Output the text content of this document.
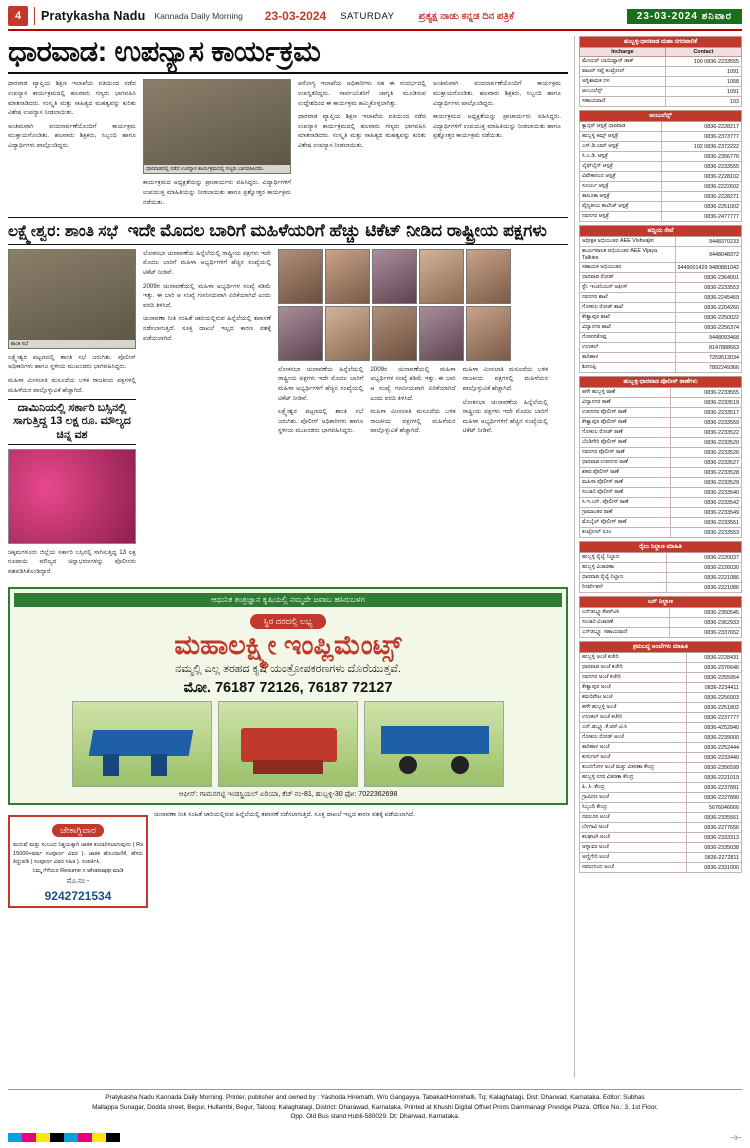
4	Pratykasha Nadu Kannada Daily Morning 23-03-2024 SATURDAY ಪ್ರತ್ಯಕ್ಷ ನಾಡು ಕನ್ನಡ ದಿನ ಪತ್ರಿಕೆ	23-03-2024 ಶನಿವಾರ
ಧಾರವಾಡ: ಉಪನ್ಯಾಸ ಕಾರ್ಯಕ್ರಮ

ಧಾರವಾಡ ವ್ಯಾಪ್ತಿಯ ಶಿಕ್ಷಣ ಇಲಾಖೆಯ ವತಿಯಿಂದ ನಡೆದ ಉಪನ್ಯಾಸ ಕಾರ್ಯಕ್ರಮದಲ್ಲಿ ಹಲವಾರು ಗಣ್ಯರು ಭಾಗವಹಿಸಿ ಮಾತನಾಡಿದರು. ಸಂಸ್ಕೃತಿ ಮತ್ತು ಸಾಹಿತ್ಯದ ಮಹತ್ವವನ್ನು ಕುರಿತು ವಿಶೇಷ ಉಪನ್ಯಾಸ ನೀಡಲಾಯಿತು.

ಅಂತಿಮವಾಗಿ ವಂದನಾರ್ಪಣೆಯೊಂದಿಗೆ ಕಾರ್ಯಕ್ರಮ ಮುಕ್ತಾಯಗೊಂಡಿತು. ಹಲವಾರು ಶಿಕ್ಷಕರು, ಸಿಬ್ಬಂದಿ ಹಾಗೂ ವಿದ್ಯಾರ್ಥಿಗಳು ಪಾಲ್ಗೊಂಡಿದ್ದರು.

ಧಾರವಾಡದಲ್ಲಿ ನಡೆದ ಉಪನ್ಯಾಸ ಕಾರ್ಯಕ್ರಮದಲ್ಲಿ ಗಣ್ಯರು ಭಾಗವಹಿಸಿದರು.

ಕಾರ್ಯಕ್ರಮದ ಅಧ್ಯಕ್ಷತೆಯನ್ನು ಪ್ರಾಚಾರ್ಯರು ವಹಿಸಿದ್ದರು. ವಿದ್ಯಾರ್ಥಿಗಳಿಗೆ ಉಪಯುಕ್ತ ಮಾಹಿತಿಯನ್ನು ನೀಡಲಾಯಿತು ಹಾಗೂ ಪ್ರಶ್ನೋತ್ತರ ಕಾರ್ಯಕ್ರಮ ನಡೆಯಿತು.

ಆರೋಗ್ಯ ಇಲಾಖೆಯ ಅಧಿಕಾರಿಗಳು ಸಹ ಈ ಸಂದರ್ಭದಲ್ಲಿ ಉಪಸ್ಥಿತರಿದ್ದರು. ಸಾರ್ವಜನಿಕರಿಗೆ ಜಾಗೃತಿ ಮೂಡಿಸುವ ಉದ್ದೇಶದಿಂದ ಈ ಕಾರ್ಯಕ್ರಮ ಹಮ್ಮಿಕೊಳ್ಳಲಾಗಿತ್ತು.

ಧಾರವಾಡ ವ್ಯಾಪ್ತಿಯ ಶಿಕ್ಷಣ ಇಲಾಖೆಯ ವತಿಯಿಂದ ನಡೆದ ಉಪನ್ಯಾಸ ಕಾರ್ಯಕ್ರಮದಲ್ಲಿ ಹಲವಾರು ಗಣ್ಯರು ಭಾಗವಹಿಸಿ ಮಾತನಾಡಿದರು. ಸಂಸ್ಕೃತಿ ಮತ್ತು ಸಾಹಿತ್ಯದ ಮಹತ್ವವನ್ನು ಕುರಿತು ವಿಶೇಷ ಉಪನ್ಯಾಸ ನೀಡಲಾಯಿತು.

ಅಂತಿಮವಾಗಿ ವಂದನಾರ್ಪಣೆಯೊಂದಿಗೆ ಕಾರ್ಯಕ್ರಮ ಮುಕ್ತಾಯಗೊಂಡಿತು. ಹಲವಾರು ಶಿಕ್ಷಕರು, ಸಿಬ್ಬಂದಿ ಹಾಗೂ ವಿದ್ಯಾರ್ಥಿಗಳು ಪಾಲ್ಗೊಂಡಿದ್ದರು.

ಕಾರ್ಯಕ್ರಮದ ಅಧ್ಯಕ್ಷತೆಯನ್ನು ಪ್ರಾಚಾರ್ಯರು ವಹಿಸಿದ್ದರು. ವಿದ್ಯಾರ್ಥಿಗಳಿಗೆ ಉಪಯುಕ್ತ ಮಾಹಿತಿಯನ್ನು ನೀಡಲಾಯಿತು ಹಾಗೂ ಪ್ರಶ್ನೋತ್ತರ ಕಾರ್ಯಕ್ರಮ ನಡೆಯಿತು.

ಲಕ್ಷ್ಮೇಶ್ವರ: ಶಾಂತಿ ಸಭೆ ಇದೇ ಮೊದಲ ಬಾರಿಗೆ ಮಹಿಳೆಯರಿಗೆ ಹೆಚ್ಚು ಟಿಕೆಟ್ ನೀಡಿದ ರಾಷ್ಟ್ರೀಯ ಪಕ್ಷಗಳು
ಶಾಂತಿ ಸಭೆ

ಲಕ್ಷ್ಮೇಶ್ವರ ಪಟ್ಟಣದಲ್ಲಿ ಶಾಂತಿ ಸಭೆ ಜರುಗಿತು. ಪೊಲೀಸ್ ಅಧಿಕಾರಿಗಳು ಹಾಗೂ ಸ್ಥಳೀಯ ಮುಖಂಡರು ಭಾಗವಹಿಸಿದ್ದರು.

ಮಹಿಳಾ ಮೀಸಲಾತಿ ಮಸೂದೆಯ ಬಳಿಕ ರಾಜಕೀಯ ಪಕ್ಷಗಳಲ್ಲಿ ಮಹಿಳೆಯರ ಪಾಲ್ಗೊಳ್ಳುವಿಕೆ ಹೆಚ್ಚಾಗಿದೆ.

ದಾಮಿನಿಯಲ್ಲಿ ಸರ್ಕಾರಿ ಬಸ್ಸಿನಲ್ಲಿ ಸಾಗುತ್ತಿದ್ದ 13 ಲಕ್ಷ ರೂ. ಮೌಲ್ಯದ ಚಿನ್ನ ವಶ

ಚಿಕ್ಕಮಗಳೂರು ಜಿಲ್ಲೆಯ ಸರ್ಕಾರಿ ಬಸ್ಸಿನಲ್ಲಿ ಸಾಗಿಸುತ್ತಿದ್ದ 13 ಲಕ್ಷ ರೂಪಾಯಿ ಮೌಲ್ಯದ ಚಿನ್ನಾಭರಣಗಳನ್ನು ಪೊಲೀಸರು ವಶಪಡಿಸಿಕೊಂಡಿದ್ದಾರೆ.

ಲೋಕಸಭಾ ಚುನಾವಣೆಯ ಹಿನ್ನೆಲೆಯಲ್ಲಿ ರಾಷ್ಟ್ರೀಯ ಪಕ್ಷಗಳು ಇದೇ ಮೊದಲ ಬಾರಿಗೆ ಮಹಿಳಾ ಅಭ್ಯರ್ಥಿಗಳಿಗೆ ಹೆಚ್ಚಿನ ಸಂಖ್ಯೆಯಲ್ಲಿ ಟಿಕೆಟ್ ನೀಡಿವೆ.

2009ರ ಚುನಾವಣೆಯಲ್ಲಿ ಮಹಿಳಾ ಅಭ್ಯರ್ಥಿಗಳ ಸಂಖ್ಯೆ ಕಡಿಮೆ ಇತ್ತು. ಈ ಬಾರಿ ಆ ಸಂಖ್ಯೆ ಗಣನೀಯವಾಗಿ ಏರಿಕೆಯಾಗಿದೆ ಎಂದು ವರದಿ ತಿಳಿಸಿದೆ.

ಚುನಾವಣಾ ನೀತಿ ಸಂಹಿತೆ ಜಾರಿಯಲ್ಲಿರುವ ಹಿನ್ನೆಲೆಯಲ್ಲಿ ತಪಾಸಣೆ ನಡೆಸಲಾಗುತ್ತಿದೆ. ಸೂಕ್ತ ದಾಖಲೆ ಇಲ್ಲದ ಕಾರಣ ವಶಕ್ಕೆ ಪಡೆಯಲಾಗಿದೆ.

ಲೋಕಸಭಾ ಚುನಾವಣೆಯ ಹಿನ್ನೆಲೆಯಲ್ಲಿ ರಾಷ್ಟ್ರೀಯ ಪಕ್ಷಗಳು ಇದೇ ಮೊದಲ ಬಾರಿಗೆ ಮಹಿಳಾ ಅಭ್ಯರ್ಥಿಗಳಿಗೆ ಹೆಚ್ಚಿನ ಸಂಖ್ಯೆಯಲ್ಲಿ ಟಿಕೆಟ್ ನೀಡಿವೆ.

ಲಕ್ಷ್ಮೇಶ್ವರ ಪಟ್ಟಣದಲ್ಲಿ ಶಾಂತಿ ಸಭೆ ಜರುಗಿತು. ಪೊಲೀಸ್ ಅಧಿಕಾರಿಗಳು ಹಾಗೂ ಸ್ಥಳೀಯ ಮುಖಂಡರು ಭಾಗವಹಿಸಿದ್ದರು.

2009ರ ಚುನಾವಣೆಯಲ್ಲಿ ಮಹಿಳಾ ಅಭ್ಯರ್ಥಿಗಳ ಸಂಖ್ಯೆ ಕಡಿಮೆ ಇತ್ತು. ಈ ಬಾರಿ ಆ ಸಂಖ್ಯೆ ಗಣನೀಯವಾಗಿ ಏರಿಕೆಯಾಗಿದೆ ಎಂದು ವರದಿ ತಿಳಿಸಿದೆ.

ಮಹಿಳಾ ಮೀಸಲಾತಿ ಮಸೂದೆಯ ಬಳಿಕ ರಾಜಕೀಯ ಪಕ್ಷಗಳಲ್ಲಿ ಮಹಿಳೆಯರ ಪಾಲ್ಗೊಳ್ಳುವಿಕೆ ಹೆಚ್ಚಾಗಿದೆ.

ಮಹಿಳಾ ಮೀಸಲಾತಿ ಮಸೂದೆಯ ಬಳಿಕ ರಾಜಕೀಯ ಪಕ್ಷಗಳಲ್ಲಿ ಮಹಿಳೆಯರ ಪಾಲ್ಗೊಳ್ಳುವಿಕೆ ಹೆಚ್ಚಾಗಿದೆ.

ಲೋಕಸಭಾ ಚುನಾವಣೆಯ ಹಿನ್ನೆಲೆಯಲ್ಲಿ ರಾಷ್ಟ್ರೀಯ ಪಕ್ಷಗಳು ಇದೇ ಮೊದಲ ಬಾರಿಗೆ ಮಹಿಳಾ ಅಭ್ಯರ್ಥಿಗಳಿಗೆ ಹೆಚ್ಚಿನ ಸಂಖ್ಯೆಯಲ್ಲಿ ಟಿಕೆಟ್ ನೀಡಿವೆ.

ಆಧುನಿಕ ತಂತ್ರಜ್ಞಾನ ಕೃಷಿಯಲ್ಲಿ ನಮ್ಮದೇ ಜವಾಬ ಹಸಿರುಬಳಗ
ಸ್ಥಿರ ದರದಲ್ಲಿ ಲಭ್ಯ
ಮಹಾಲಕ್ಷ್ಮೀ ಇಂಪ್ಲಿಮೆಂಟ್ಸ್
ನಮ್ಮಲ್ಲಿ ಎಲ್ಲ ತರಹದ ಕೃಷಿ ಯಂತ್ರೋಪಕರಣಗಳು ದೊರೆಯುತ್ತವೆ.
ಮೋ. 76187 72126, 76187 72127
ಆಫೀಸ್: ಗಾಮನಗಟ್ಟಿ ಇಂಡಸ್ಟ್ರಿಯಲ್ ಏರಿಯಾ, ಕೆಚ್ ನಂ-81, ಹುಬ್ಬಳ್ಳಿ-30 ಫೋ: 7022362698
ಜೇಕಾಗ್ದಿವಾರ
ಮದುವೆ ಮತ್ತು ಸಂಬಂಧ ನಿಶ್ಚಯಕ್ಕಾಗಿ ಜಾತಕ ತಯಾರಿಸಲಾಗುವುದು ( Rs 15000+ವರ್ಷ ಸಂಪೂರ್ಣ ವಿವರ ). ಜಾತಕ ಹೊಂದಾಣಿಕೆ, ಹೆಸರು ತಿದ್ದುಪಡಿ ( ಸಂಪೂರ್ಣ ವಿವರ ಸಹಿತ ). ಸಂಪರ್ಕಿಸಿ.
ನಿಮ್ಮ ಗೆಳೆಯರ Resume ನ whatsapp ಮಾಡಿ
ಮೊ.ನಂ -
9242721534

ಚುನಾವಣಾ ನೀತಿ ಸಂಹಿತೆ ಜಾರಿಯಲ್ಲಿರುವ ಹಿನ್ನೆಲೆಯಲ್ಲಿ ತಪಾಸಣೆ ನಡೆಸಲಾಗುತ್ತಿದೆ. ಸೂಕ್ತ ದಾಖಲೆ ಇಲ್ಲದ ಕಾರಣ ವಶಕ್ಕೆ ಪಡೆಯಲಾಗಿದೆ.

ಹುಬ್ಬಳ್ಳಿ-ಧಾರವಾಡ ಮಹಾ ನಗರಪಾಲಿಕೆ	
Incharge	Contact
ಮೇಯರ್ ಬಾಯಿಷ್ಟಾರ್ ಡಾಕ್	100 0836-2233555
ವಾಟರ್ ಸಪ್ಲೆ ಕಂಟ್ರೋಲ್	1091
ಅಗ್ನಿಶಾಮಕ ದಳ	1058
ಆಂಬುಲೆನ್ಸ್	1091
ಸಹಾಯವಾಣಿ	103
ಆಂಬುಲೆನ್ಸ್	
ಕ್ಯಾನ್ಸರ್ ಆಸ್ಪತ್ರೆ ಧಾರವಾಡ	0836-2228217
ಹುಬ್ಬಳ್ಳಿ ಕಿಮ್ಸ್ ಆಸ್ಪತ್ರೆ	0836-2373777
ಎಸ್.ಡಿ.ಎಮ್ ಆಸ್ಪತ್ರೆ	102 0836-2372222
ಸಿ.ಎ.ಡಿ. ಆಸ್ಪತ್ರೆ	0836-2356776
ಲೈಫ್‌ಲೈನ್ ಆಸ್ಪತ್ರೆ	0836-2233555
ವಿವೇಕಾನಂದ ಆಸ್ಪತ್ರೆ	0836-2228102
ಸೂರ್ಯ ಆಸ್ಪತ್ರೆ	0836-2222602
ತಾಲೂಕಾ ಆಸ್ಪತ್ರೆ	0836-2228271
ವೈದ್ಯಕೀಯ ಕಾಲೇಜ್ ಆಸ್ಪತ್ರೆ	0836-2251002
ನವನಗರ ಆಸ್ಪತ್ರೆ	0836-2477777
ಹದ್ದಿಯ ಸೇವೆ	
ಅಧೀಕ್ಷಕ ಅಭಿಯಂತರ AEE Vishvajiri	9448370233
ಕಾರ್ಯಪಾಲಕ ಅಭಿಯಂತರ AEE Vijaya Talkies	9448048372
ಸಹಾಯಕ ಅಭಿಯಂತರ	9449001429 9480881042
ಧಾರವಾಡ ರೋಡ್	0836-2364001
ಸ್ಟೇ. ಇಂಜಿನಿಯರ್ ಆಫೀಸ್	0836-2233553
ನವನಗರ ಶಾಖೆ	0836-2245469
ಗೋಕುಲ ರೋಡ್ ಶಾಖೆ	0836-2204260
ಕೇಶ್ವಾಪುರ ಶಾಖೆ	0836-2250022
ವಿದ್ಯಾನಗರ ಶಾಖೆ	0836-2256374
ಗೋಪನಕೊಪ್ಪ	9448093468
ಉಣಕಲ್	8147888663
ತಾರಿಹಾಳ	7259513034
ಶಿರಗುಪ್ಪಿ	7892249366
ಹುಬ್ಬಳ್ಳಿ-ಧಾರವಾಡ ಪೊಲೀಸ್ ಠಾಣೆಗಳು	
ಹಳೇ ಹುಬ್ಬಳ್ಳಿ ಠಾಣೆ	0836-2233555
ವಿದ್ಯಾನಗರ ಠಾಣೆ	0836-2233519
ಉಪನಗರ ಪೊಲೀಸ್ ಠಾಣೆ	0836-2233517
ಕೇಶ್ವಾಪುರ ಪೊಲೀಸ್ ಠಾಣೆ	0836-2233559
ಗೋಕುಲ ರೋಡ್ ಠಾಣೆ	0836-2233522
ಬೆಂಡಿಗೇರಿ ಪೊಲೀಸ್ ಠಾಣೆ	0836-2233520
ನವನಗರ ಪೊಲೀಸ್ ಠಾಣೆ	0836-2233526
ಧಾರವಾಡ ಉಪನಗರ ಠಾಣೆ	0836-2233527
ಶಹರ ಪೊಲೀಸ್ ಠಾಣೆ	0836-2233528
ಮಹಿಳಾ ಪೊಲೀಸ್ ಠಾಣೆ	0836-2233529
ಸಂಚಾರಿ ಪೊಲೀಸ್ ಠಾಣೆ	0836-2233540
ಸಿ.ಇ.ಎನ್. ಪೊಲೀಸ್ ಠಾಣೆ	0836-2233542
ಗ್ರಾಮಾಂತರ ಠಾಣೆ	0836-2233549
ಮೊಬೈಲ್ ಪೊಲೀಸ್ ಠಾಣೆ	0836-2233551
ಕಂಟ್ರೋಲ್ ರೂಂ	0836-2233553
ರೈಲು ನಿಲ್ದಾಣ ಮಾಹಿತಿ	
ಹುಬ್ಬಳ್ಳಿ ರೈಲ್ವೆ ನಿಲ್ದಾಣ	0836-2220037
ಹುಬ್ಬಳ್ಳಿ ವಿಚಾರಣಾ	0836-2226030
ಧಾರವಾಡ ರೈಲ್ವೆ ನಿಲ್ದಾಣ	0836-2221086
ರಿಸರ್ವೇಶನ್	0836-2221086
ಬಸ್ ನಿಲ್ದಾಣ	
ಎನ್‌ಡಬ್ಲ್ಯೂಕೆಆರ್‌ಟಿಸಿ	0836-2350545
ಸಂಚಾರಿ ವಿಚಾರಣೆ	0836-2362933
ಎನ್‌ಡಬ್ಲ್ಯೂ ಸಹಾಯವಾಣಿ	0836-2337652
ಕ್ರಮಬದ್ಧ ಅಂಚೆಗಳು ಮಾಹಿತಿ	
ಹುಬ್ಬಳ್ಳಿ ಅಂಚೆ ಕಚೇರಿ	0836-2228431
ಧಾರವಾಡ ಅಂಚೆ ಕಚೇರಿ	0836-2376646
ನವನಗರ ಅಂಚೆ ಕಚೇರಿ	0836-2255954
ಕೇಶ್ವಾಪುರ ಅಂಚೆ	0836-2234411
ಕಮರಿಪೇಟ ಅಂಚೆ	0836-2256003
ಹಳೇ ಹುಬ್ಬಳ್ಳಿ ಅಂಚೆ	0836-2251802
ಉಣಕಲ್ ಅಂಚೆ ಕಚೇರಿ	0836-2237777
ಎನ್‌.ಡಬ್ಲ್ಯೂ.ಕೆ.ಆರ್‌.ಟಿ.ಸಿ	0836-4252940
ಗೋಕುಲ ರೋಡ್ ಅಂಚೆ	0836-2239000
ತಾರಿಹಾಳ ಅಂಚೆ	0836-2252444
ಕುಸುಗಲ್ ಅಂಚೆ	0836-2233440
ಕುಂದಗೋಳ ಅಂಚೆ ಮತ್ತು ವಿತರಣಾ ಕೇಂದ್ರ	0836-2356599
ಹುಬ್ಬಳ್ಳಿ ನಗರ ವಿತರಣಾ ಕೇಂದ್ರ	0836-2221019
ಪಿ. ಸಿ. ಕೇಂದ್ರ	0836-2237891
ಗ್ರಾಮೀಣ ಅಂಚೆ	0836-2227890
ಸಿಬ್ಬಂದಿ ಕೇಂದ್ರ	5676046666
ನವಲೂರ ಅಂಚೆ	0836-2335561
ಬೆಳಗಾವಿ ಅಂಚೆ	0836-2277656
ಕಲಘಟಗಿ ಅಂಚೆ	0836-2333313
ಅಳ್ನಾವರ ಅಂಚೆ	0836-2335038
ಅಣ್ಣಿಗೇರಿ ಅಂಚೆ	0836-2272811
ನವಲಗುಂದ ಅಂಚೆ	0836-2331000
Pratykasha Nadu Kannada Daily Morning. Printer, publisher and owned by : Yashoda Hiremath, W/o Gangayya, TabakadHonnihalli, Tq: Kalaghatagi, Dist: Dharwad. Karnataka. Editor: Subhas
Mallappa Sunagar, Dodda street, Begur, Hullambi, Begur, Talooq: Kalaghatagi, District: Dharawad, Karnataka. Printed at Khushi Digital Offset Prints Dammanagr Prestige Plaza. Office No.: 3, 1st Floor,
Opp. Old Bus stand Hubli-580029. Dt: Dharwad, Karnataka.
⊣⊢
